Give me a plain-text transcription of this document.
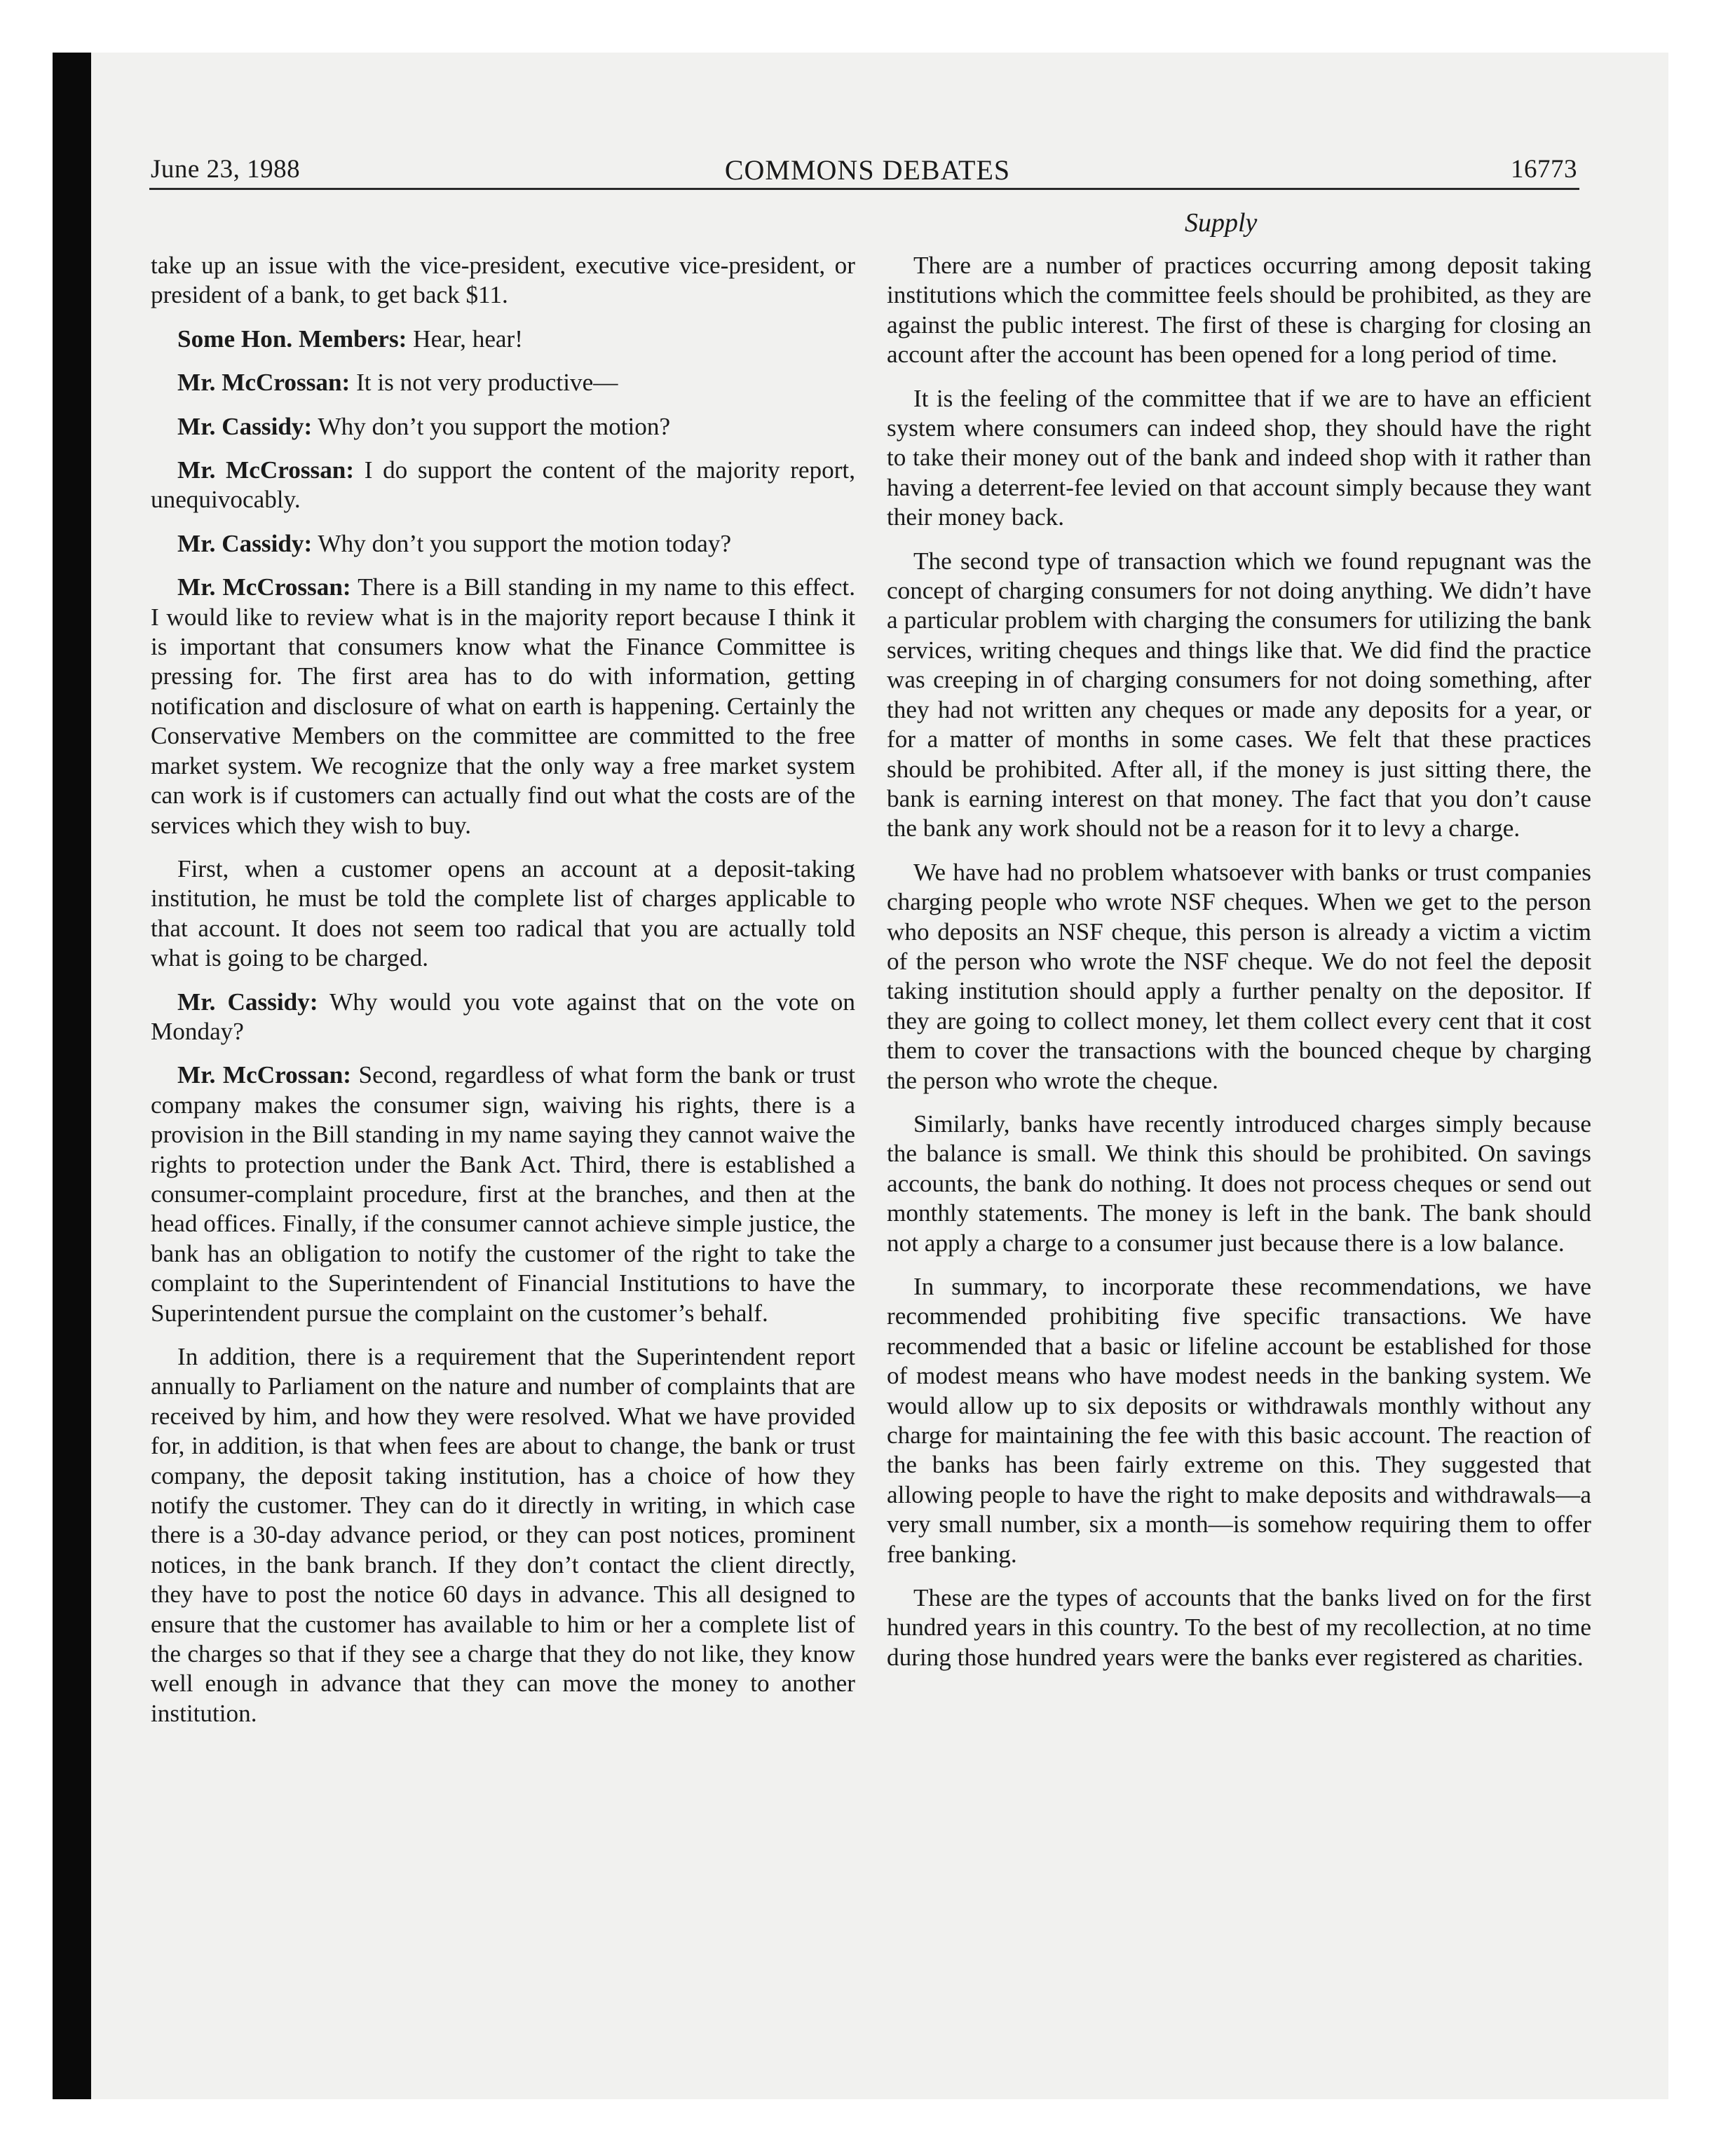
June 23, 1988	COMMONS DEBATES	16773
Supply

take up an issue with the vice-president, executive vice-president, or president of a bank, to get back $11.

Some Hon. Members: Hear, hear!

Mr. McCrossan: It is not very productive—

Mr. Cassidy: Why don’t you support the motion?

Mr. McCrossan: I do support the content of the majority report, unequivocably.

Mr. Cassidy: Why don’t you support the motion today?

Mr. McCrossan: There is a Bill standing in my name to this effect. I would like to review what is in the majority report because I think it is important that consumers know what the Finance Committee is pressing for. The first area has to do with information, getting notification and disclosure of what on earth is happening. Certainly the Conservative Members on the committee are committed to the free market system. We recognize that the only way a free market system can work is if customers can actually find out what the costs are of the services which they wish to buy.

First, when a customer opens an account at a deposit-taking institution, he must be told the complete list of charges applicable to that account. It does not seem too radical that you are actually told what is going to be charged.

Mr. Cassidy: Why would you vote against that on the vote on Monday?

Mr. McCrossan: Second, regardless of what form the bank or trust company makes the consumer sign, waiving his rights, there is a provision in the Bill standing in my name saying they cannot waive the rights to protection under the Bank Act. Third, there is established a consumer-complaint procedure, first at the branches, and then at the head offices. Finally, if the consumer cannot achieve simple justice, the bank has an obligation to notify the customer of the right to take the complaint to the Superintendent of Financial Institutions to have the Superintendent pursue the complaint on the customer’s behalf.

In addition, there is a requirement that the Superintendent report annually to Parliament on the nature and number of complaints that are received by him, and how they were resolved. What we have provided for, in addition, is that when fees are about to change, the bank or trust company, the deposit taking institution, has a choice of how they notify the customer. They can do it directly in writing, in which case there is a 30-day advance period, or they can post notices, prominent notices, in the bank branch. If they don’t contact the client directly, they have to post the notice 60 days in advance. This all designed to ensure that the customer has available to him or her a complete list of the charges so that if they see a charge that they do not like, they know well enough in advance that they can move the money to another institution.

There are a number of practices occurring among deposit taking institutions which the committee feels should be prohibited, as they are against the public interest. The first of these is charging for closing an account after the account has been opened for a long period of time.

It is the feeling of the committee that if we are to have an efficient system where consumers can indeed shop, they should have the right to take their money out of the bank and indeed shop with it rather than having a deterrent-fee levied on that account simply because they want their money back.

The second type of transaction which we found repugnant was the concept of charging consumers for not doing anything. We didn’t have a particular problem with charging the consumers for utilizing the bank services, writing cheques and things like that. We did find the practice was creeping in of charging consumers for not doing something, after they had not written any cheques or made any deposits for a year, or for a matter of months in some cases. We felt that these practices should be prohibited. After all, if the money is just sitting there, the bank is earning interest on that money. The fact that you don’t cause the bank any work should not be a reason for it to levy a charge.

We have had no problem whatsoever with banks or trust companies charging people who wrote NSF cheques. When we get to the person who deposits an NSF cheque, this person is already a victim a victim of the person who wrote the NSF cheque. We do not feel the deposit taking institution should apply a further penalty on the depositor. If they are going to collect money, let them collect every cent that it cost them to cover the transactions with the bounced cheque by charging the person who wrote the cheque.

Similarly, banks have recently introduced charges simply because the balance is small. We think this should be prohibited. On savings accounts, the bank do nothing. It does not process cheques or send out monthly statements. The money is left in the bank. The bank should not apply a charge to a consumer just because there is a low balance.

In summary, to incorporate these recommendations, we have recommended prohibiting five specific transactions. We have recommended that a basic or lifeline account be established for those of modest means who have modest needs in the banking system. We would allow up to six deposits or withdrawals monthly without any charge for maintaining the fee with this basic account. The reaction of the banks has been fairly extreme on this. They suggested that allowing people to have the right to make deposits and withdrawals—a very small number, six a month—is somehow requiring them to offer free banking.

These are the types of accounts that the banks lived on for the first hundred years in this country. To the best of my recollection, at no time during those hundred years were the banks ever registered as charities.
